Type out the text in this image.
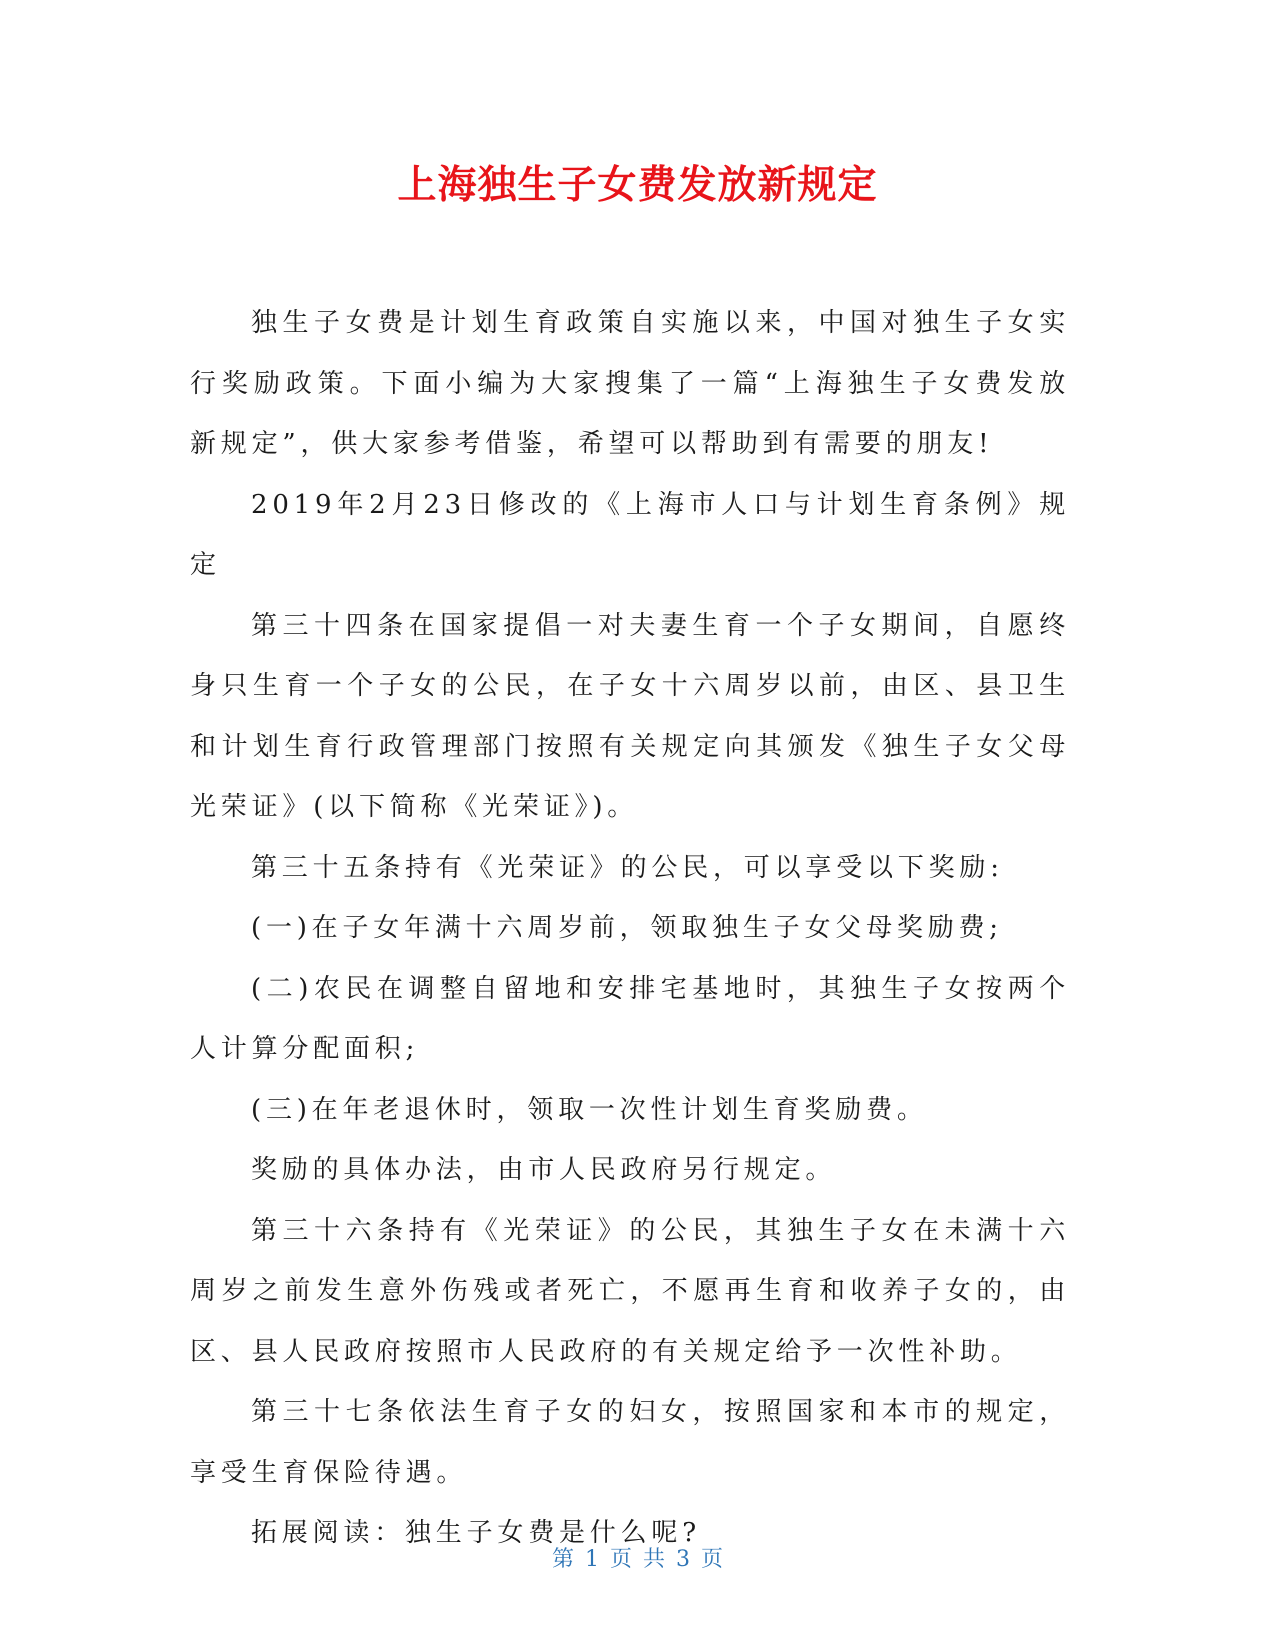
上海独生子女费发放新规定

独生子女费是计划生育政策自实施以来，中国对独生子女实行奖励政策。下面小编为大家搜集了一篇“上海独生子女费发放新规定”，供大家参考借鉴，希望可以帮助到有需要的朋友!

2019年2月23日修改的《上海市人口与计划生育条例》规定

第三十四条在国家提倡一对夫妻生育一个子女期间，自愿终身只生育一个子女的公民，在子女十六周岁以前，由区、县卫生和计划生育行政管理部门按照有关规定向其颁发《独生子女父母光荣证》(以下简称《光荣证》)。

第三十五条持有《光荣证》的公民，可以享受以下奖励:

(一)在子女年满十六周岁前，领取独生子女父母奖励费;

(二)农民在调整自留地和安排宅基地时，其独生子女按两个人计算分配面积;

(三)在年老退休时，领取一次性计划生育奖励费。

奖励的具体办法，由市人民政府另行规定。

第三十六条持有《光荣证》的公民，其独生子女在未满十六周岁之前发生意外伤残或者死亡，不愿再生育和收养子女的，由区、县人民政府按照市人民政府的有关规定给予一次性补助。

第三十七条依法生育子女的妇女，按照国家和本市的规定，享受生育保险待遇。

拓展阅读：独生子女费是什么呢?

第 1 页 共 3 页
